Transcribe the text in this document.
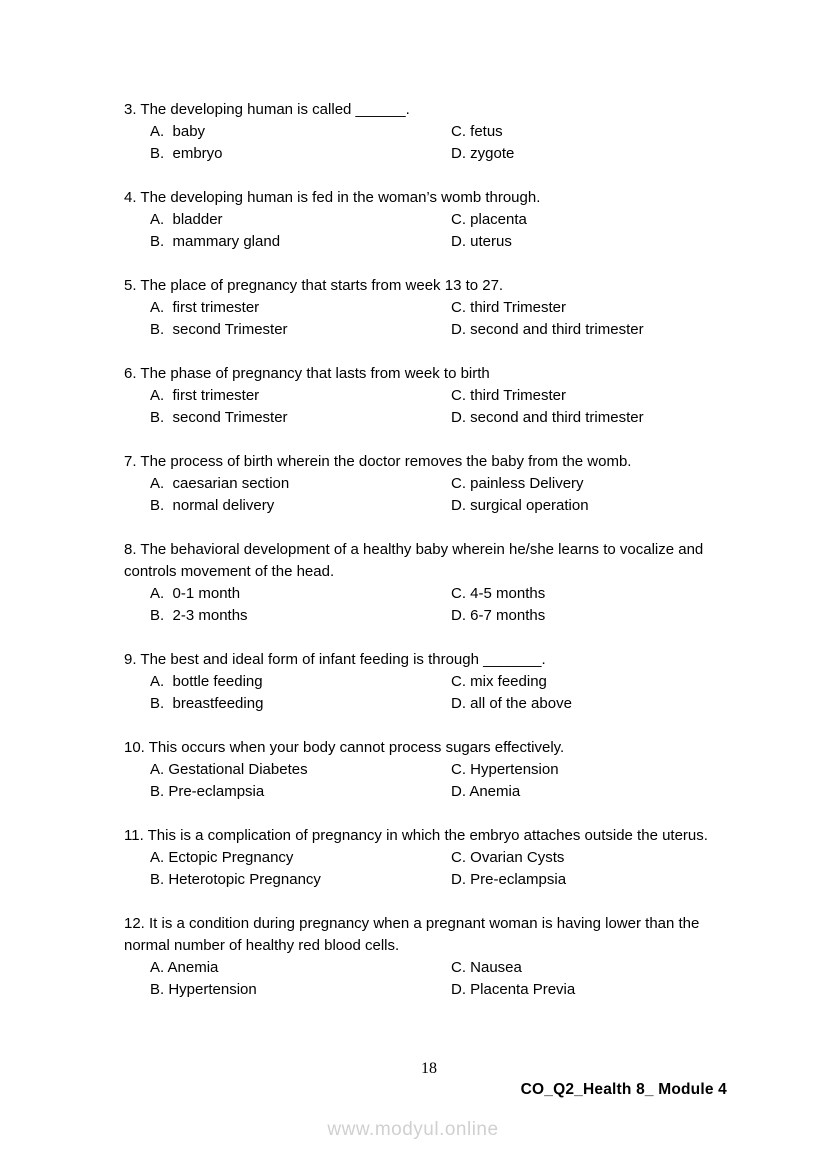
3. The developing human is called ______.

A.  baby	C. fetus
B.  embryo	D. zygote

4. The developing human is fed in the woman’s womb through.

A.  bladder	C. placenta
B.  mammary gland	D. uterus

5. The place of pregnancy that starts from week 13 to 27.

A.  first trimester	C. third Trimester
B.  second Trimester	D. second and third trimester

6. The phase of pregnancy that lasts from week to birth

A.  first trimester	C. third Trimester
B.  second Trimester	D. second and third trimester

7. The process of birth wherein the doctor removes the baby from the womb.

A.  caesarian section	C. painless Delivery
B.  normal delivery	D. surgical operation

8. The behavioral development of a healthy baby wherein he/she learns to vocalize and controls movement of the head.

A.  0-1 month	C. 4-5 months
B.  2-3 months	D. 6-7 months

9. The best and ideal form of infant feeding is through _______.

A.  bottle feeding	C. mix feeding
B.  breastfeeding	D. all of the above

10. This occurs when your body cannot process sugars effectively.

A. Gestational Diabetes	C. Hypertension
B. Pre-eclampsia	D. Anemia

11. This is a complication of pregnancy in which the embryo attaches outside the uterus.

A. Ectopic Pregnancy	C. Ovarian Cysts
B. Heterotopic Pregnancy	D. Pre-eclampsia

12. It is a condition during pregnancy when a pregnant woman is having lower than the normal number of healthy red blood cells.

A. Anemia	C. Nausea
B. Hypertension	D. Placenta Previa
18
CO_Q2_Health 8_ Module 4
www.modyul.online
